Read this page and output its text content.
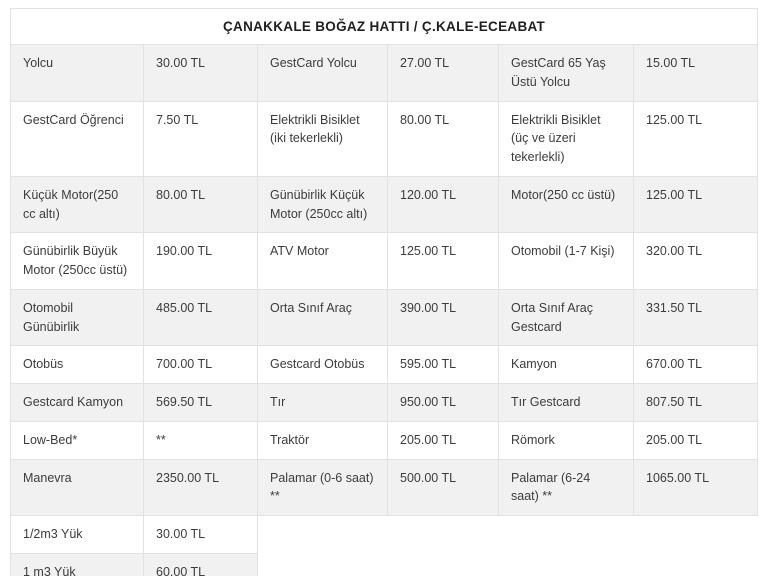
ÇANAKKALE BOĞAZ HATTI / Ç.KALE-ECEABAT					
Yolcu	30.00 TL	GestCard Yolcu	27.00 TL	GestCard 65 Yaş Üstü Yolcu	15.00 TL
GestCard Öğrenci	7.50 TL	Elektrikli Bisiklet (iki tekerlekli)	80.00 TL	Elektrikli Bisiklet (üç ve üzeri tekerlekli)	125.00 TL
Küçük Motor(250 cc altı)	80.00 TL	Günübirlik Küçük Motor (250cc altı)	120.00 TL	Motor(250 cc üstü)	125.00 TL
Günübirlik Büyük Motor (250cc üstü)	190.00 TL	ATV Motor	125.00 TL	Otomobil (1-7 Kişi)	320.00 TL
Otomobil Günübirlik	485.00 TL	Orta Sınıf Araç	390.00 TL	Orta Sınıf Araç Gestcard	331.50 TL
Otobüs	700.00 TL	Gestcard Otobüs	595.00 TL	Kamyon	670.00 TL
Gestcard Kamyon	569.50 TL	Tır	950.00 TL	Tır Gestcard	807.50 TL
Low-Bed*	**	Traktör	205.00 TL	Römork	205.00 TL
Manevra	2350.00 TL	Palamar (0-6 saat) **	500.00 TL	Palamar (6-24 saat) **	1065.00 TL
1/2m3 Yük	30.00 TL				
1 m3 Yük	60.00 TL				
